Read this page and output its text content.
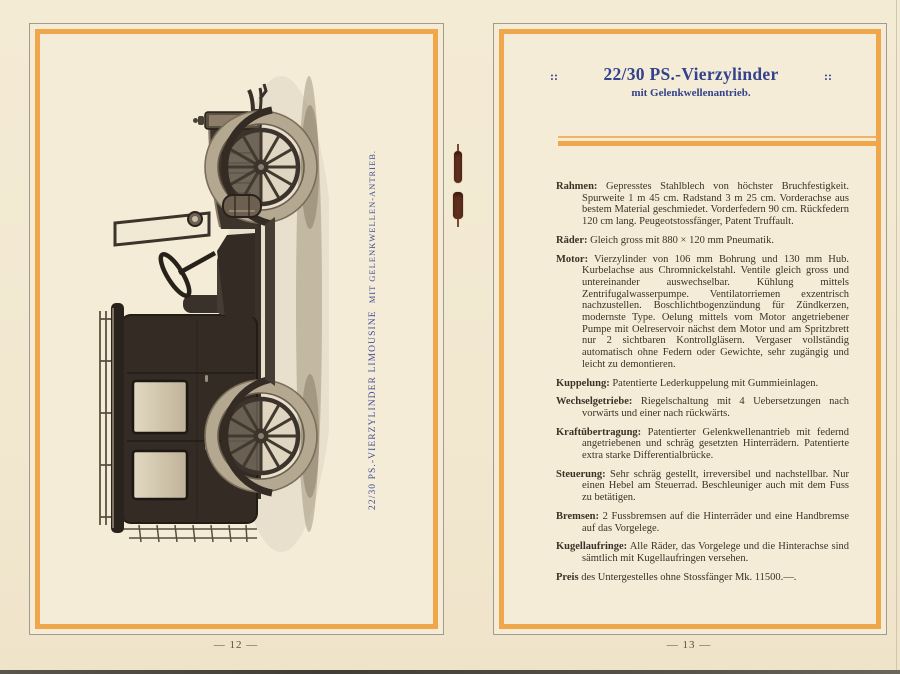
22/30 PS.-VIERZYLINDER LIMOUSINE  MIT GELENKWELLEN-ANTRIEB.
— 12 —
::	22/30 PS.-Vierzylinder
mit Gelenkwellenantrieb.
::

Rahmen: Gepresstes Stahlblech von höchster Bruchfestigkeit. Spurweite 1 m 45 cm. Radstand 3 m 25 cm. Vorderachse aus bestem Material geschmiedet. Vorderfedern 90 cm. Rückfedern 120 cm lang. Peugeotstossfänger, Patent Truffault.

Räder: Gleich gross mit 880 × 120 mm Pneumatik.

Motor: Vierzylinder von 106 mm Bohrung und 130 mm Hub. Kurbelachse aus Chromnickelstahl. Ventile gleich gross und untereinander auswechselbar. Kühlung mittels Zentrifugalwasserpumpe. Ventilatorriemen exzentrisch nachzustellen. Boschlichtbogenzündung für Zündkerzen, modernste Type. Oelung mittels vom Motor angetriebener Pumpe mit Oelreservoir nächst dem Motor und am Spritzbrett nur 2 sichtbaren Kontrollgläsern. Vergaser vollständig automatisch ohne Federn oder Gewichte, sehr zugängig und leicht zu demontieren.

Kuppelung: Patentierte Lederkuppelung mit Gummieinlagen.

Wechselgetriebe: Riegelschaltung mit 4 Uebersetzungen nach vorwärts und einer nach rückwärts.

Kraftübertragung: Patentierter Gelenkwellenantrieb mit federnd angetriebenen und schräg gesetzten Hinterrädern. Patentierte extra starke Differentialbrücke.

Steuerung: Sehr schräg gestellt, irreversibel und nachstellbar. Nur einen Hebel am Steuerrad. Beschleuniger auch mit dem Fuss zu betätigen.

Bremsen: 2 Fussbremsen auf die Hinterräder und eine Handbremse auf das Vorgelege.

Kugellaufringe: Alle Räder, das Vorgelege und die Hinterachse sind sämtlich mit Kugellaufringen versehen.

Preis des Untergestelles ohne Stossfänger Mk. 11500.—.

— 13 —
